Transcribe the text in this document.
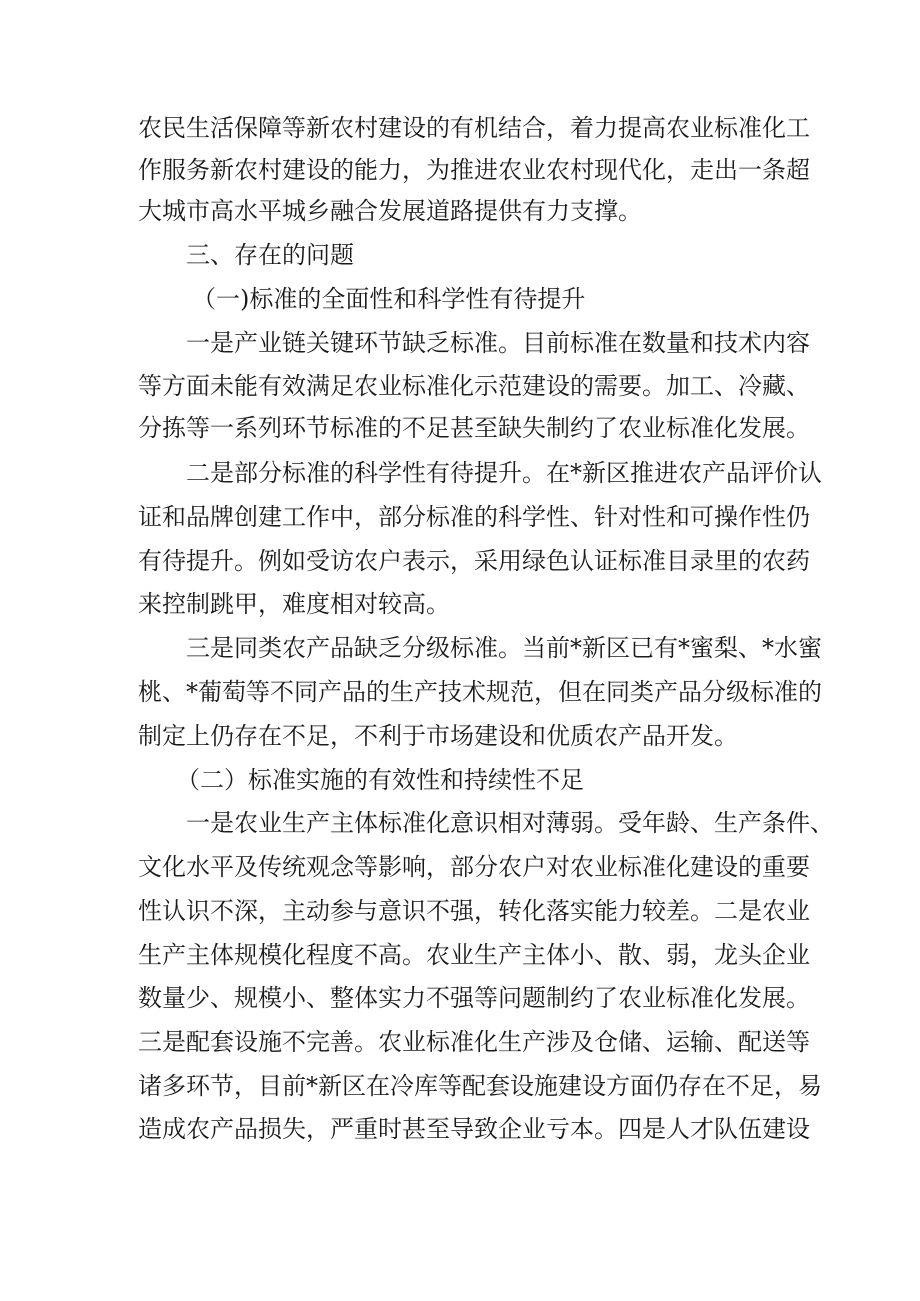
农民生活保障等新农村建设的有机结合，着力提高农业标准化工
作服务新农村建设的能力，为推进农业农村现代化，走出一条超
大城市高水平城乡融合发展道路提供有力支撑。
三、存在的问题
（一)标准的全面性和科学性有待提升
一是产业链关键环节缺乏标准。目前标准在数量和技术内容
等方面未能有效满足农业标准化示范建设的需要。加工、冷藏、
分拣等一系列环节标准的不足甚至缺失制约了农业标准化发展。
二是部分标准的科学性有待提升。在*新区推进农产品评价认
证和品牌创建工作中，部分标准的科学性、针对性和可操作性仍
有待提升。例如受访农户表示，采用绿色认证标准目录里的农药
来控制跳甲，难度相对较高。
三是同类农产品缺乏分级标准。当前*新区已有*蜜梨、*水蜜
桃、*葡萄等不同产品的生产技术规范，但在同类产品分级标准的
制定上仍存在不足，不利于市场建设和优质农产品开发。
（二）标准实施的有效性和持续性不足
一是农业生产主体标准化意识相对薄弱。受年龄、生产条件、
文化水平及传统观念等影响，部分农户对农业标准化建设的重要
性认识不深，主动参与意识不强，转化落实能力较差。二是农业
生产主体规模化程度不高。农业生产主体小、散、弱，龙头企业
数量少、规模小、整体实力不强等问题制约了农业标准化发展。
三是配套设施不完善。农业标准化生产涉及仓储、运输、配送等
诸多环节，目前*新区在冷库等配套设施建设方面仍存在不足，易
造成农产品损失，严重时甚至导致企业亏本。四是人才队伍建设
